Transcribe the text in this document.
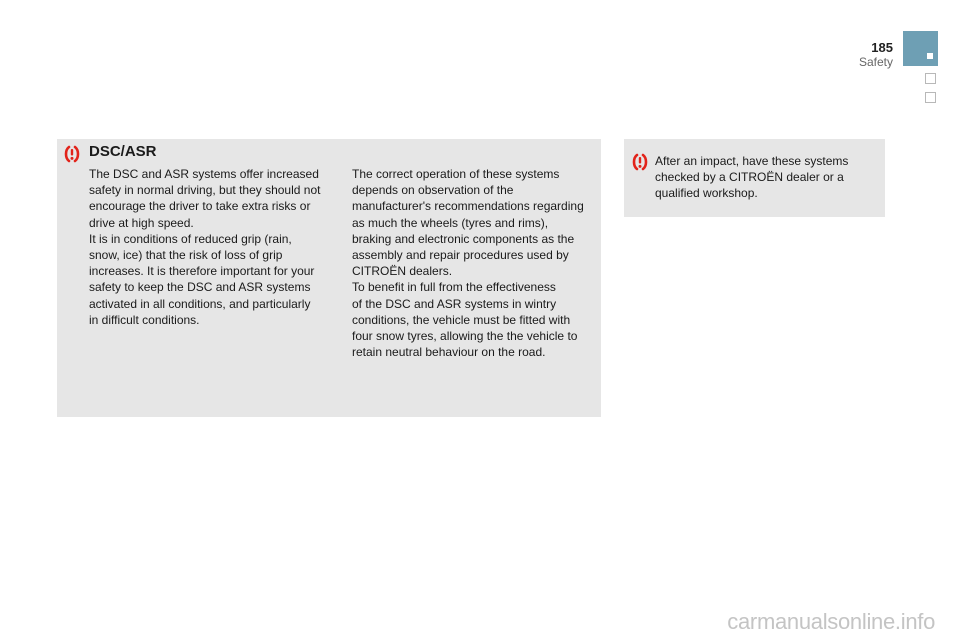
185
Safety
DSC/ASR
The DSC and ASR systems offer increased
safety in normal driving, but they should not
encourage the driver to take extra risks or
drive at high speed.
It is in conditions of reduced grip (rain,
snow, ice) that the risk of loss of grip
increases. It is therefore important for your
safety to keep the DSC and ASR systems
activated in all conditions, and particularly
in difficult conditions.
The correct operation of these systems
depends on observation of the
manufacturer's recommendations regarding
as much the wheels (tyres and rims),
braking and electronic components as the
assembly and repair procedures used by
CITROËN dealers.
To benefit in full from the effectiveness
of the DSC and ASR systems in wintry
conditions, the vehicle must be fitted with
four snow tyres, allowing the the vehicle to
retain neutral behaviour on the road.
After an impact, have these systems
checked by a CITROËN dealer or a
qualified workshop.
carmanualsonline.info
